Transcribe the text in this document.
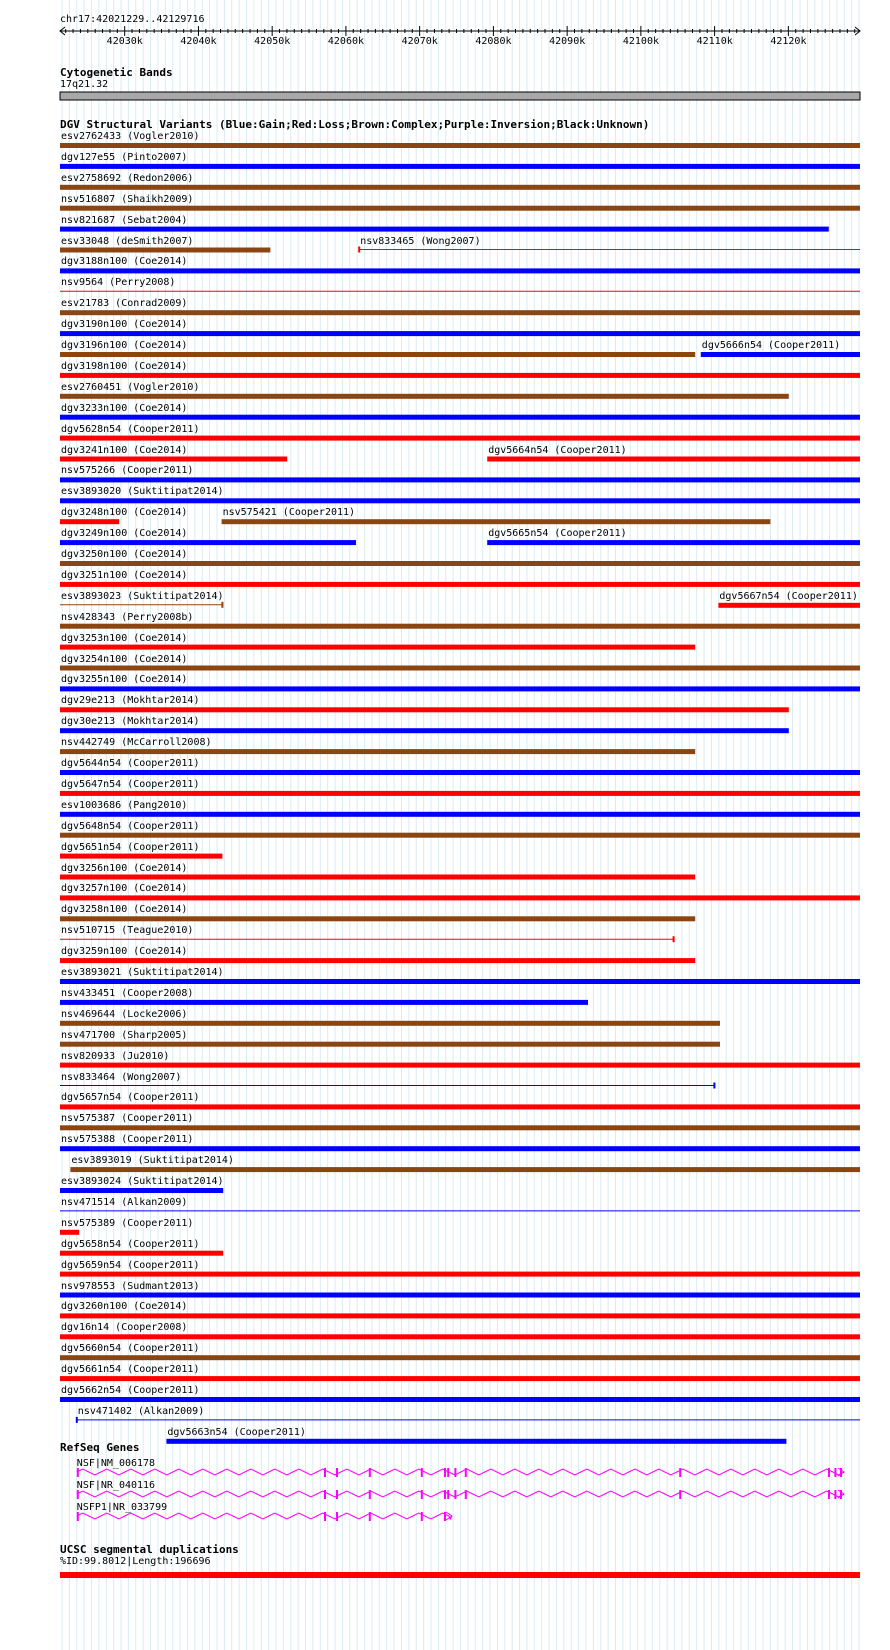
chr17:42021229..42129716
Cytogenetic Bands
17q21.32
DGV Structural Variants (Blue:Gain;Red:Loss;Brown:Complex;Purple:Inversion;Black:Unknown)
RefSeq Genes
UCSC segmental duplications
%ID:99.8012|Length:196696
42030k	42040k	42050k	42060k	42070k	42080k	42090k	42100k	42110k	42120k
esv2762433 (Vogler2010)
dgv127e55 (Pinto2007)
esv2758692 (Redon2006)
nsv516807 (Shaikh2009)
nsv821687 (Sebat2004)
esv33048 (deSmith2007)	nsv833465 (Wong2007)
dgv3188n100 (Coe2014)
nsv9564 (Perry2008)
esv21783 (Conrad2009)
dgv3190n100 (Coe2014)
dgv3196n100 (Coe2014)	dgv5666n54 (Cooper2011)
dgv3198n100 (Coe2014)
esv2760451 (Vogler2010)
dgv3233n100 (Coe2014)
dgv5628n54 (Cooper2011)
dgv3241n100 (Coe2014)	dgv5664n54 (Cooper2011)
nsv575266 (Cooper2011)
esv3893020 (Suktitipat2014)
dgv3248n100 (Coe2014)	nsv575421 (Cooper2011)
dgv3249n100 (Coe2014)	dgv5665n54 (Cooper2011)
dgv3250n100 (Coe2014)
dgv3251n100 (Coe2014)
esv3893023 (Suktitipat2014)	dgv5667n54 (Cooper2011)
nsv428343 (Perry2008b)
dgv3253n100 (Coe2014)
dgv3254n100 (Coe2014)
dgv3255n100 (Coe2014)
dgv29e213 (Mokhtar2014)
dgv30e213 (Mokhtar2014)
nsv442749 (McCarroll2008)
dgv5644n54 (Cooper2011)
dgv5647n54 (Cooper2011)
esv1003686 (Pang2010)
dgv5648n54 (Cooper2011)
dgv5651n54 (Cooper2011)
dgv3256n100 (Coe2014)
dgv3257n100 (Coe2014)
dgv3258n100 (Coe2014)
nsv510715 (Teague2010)
dgv3259n100 (Coe2014)
esv3893021 (Suktitipat2014)
nsv433451 (Cooper2008)
nsv469644 (Locke2006)
nsv471700 (Sharp2005)
nsv820933 (Ju2010)
nsv833464 (Wong2007)
dgv5657n54 (Cooper2011)
nsv575387 (Cooper2011)
nsv575388 (Cooper2011)
esv3893019 (Suktitipat2014)
esv3893024 (Suktitipat2014)
nsv471514 (Alkan2009)
nsv575389 (Cooper2011)
dgv5658n54 (Cooper2011)
dgv5659n54 (Cooper2011)
nsv978553 (Sudmant2013)
dgv3260n100 (Coe2014)
dgv16n14 (Cooper2008)
dgv5660n54 (Cooper2011)
dgv5661n54 (Cooper2011)
dgv5662n54 (Cooper2011)
nsv471402 (Alkan2009)
dgv5663n54 (Cooper2011)
NSF|NM_006178
NSF|NR_040116
NSFP1|NR_033799
